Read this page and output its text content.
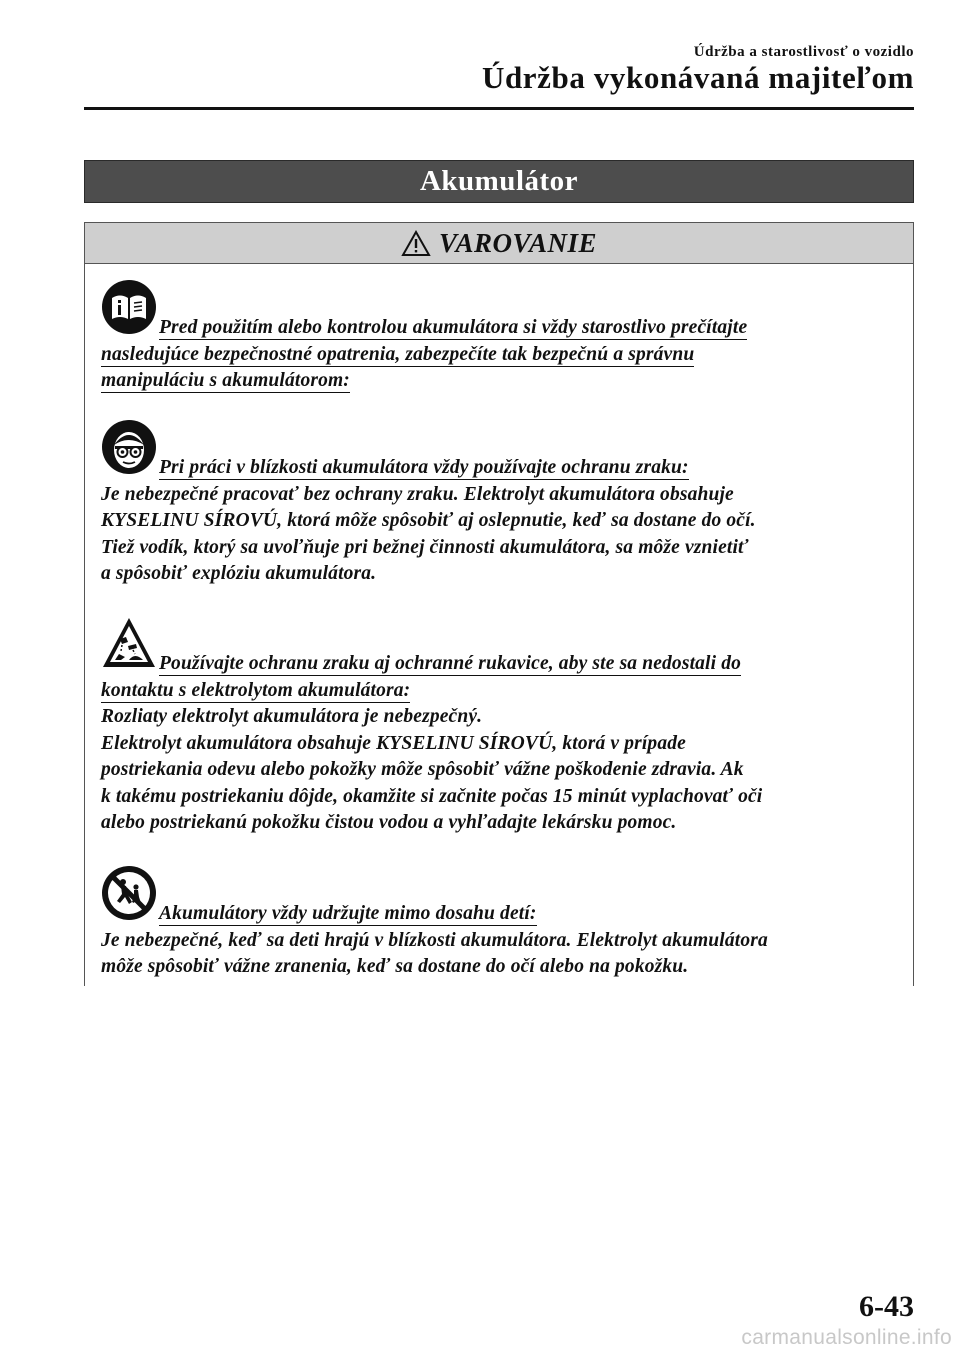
Údržba a starostlivosť o vozidlo
Údržba vykonávaná majiteľom
Akumulátor
VAROVANIE
Pred použitím alebo kontrolou akumulátora si vždy starostlivo prečítajte
nasledujúce bezpečnostné opatrenia, zabezpečíte tak bezpečnú a správnu
manipuláciu s akumulátorom:
Pri práci v blízkosti akumulátora vždy používajte ochranu zraku:
Je nebezpečné pracovať bez ochrany zraku. Elektrolyt akumulátora obsahuje
KYSELINU SÍROVÚ, ktorá môže spôsobiť aj oslepnutie, keď sa dostane do očí.
Tiež vodík, ktorý sa uvoľňuje pri bežnej činnosti akumulátora, sa môže vznietiť
a spôsobiť explóziu akumulátora.
Používajte ochranu zraku aj ochranné rukavice, aby ste sa nedostali do
kontaktu s elektrolytom akumulátora:
Rozliaty elektrolyt akumulátora je nebezpečný.
Elektrolyt akumulátora obsahuje KYSELINU SÍROVÚ, ktorá v prípade
postriekania odevu alebo pokožky môže spôsobiť vážne poškodenie zdravia. Ak
k takému postriekaniu dôjde, okamžite si začnite počas 15 minút vyplachovať oči
alebo postriekanú pokožku čistou vodou a vyhľadajte lekársku pomoc.
Akumulátory vždy udržujte mimo dosahu detí:
Je nebezpečné, keď sa deti hrajú v blízkosti akumulátora. Elektrolyt akumulátora
môže spôsobiť vážne zranenia, keď sa dostane do očí alebo na pokožku.
6-43
carmanualsonline.info
